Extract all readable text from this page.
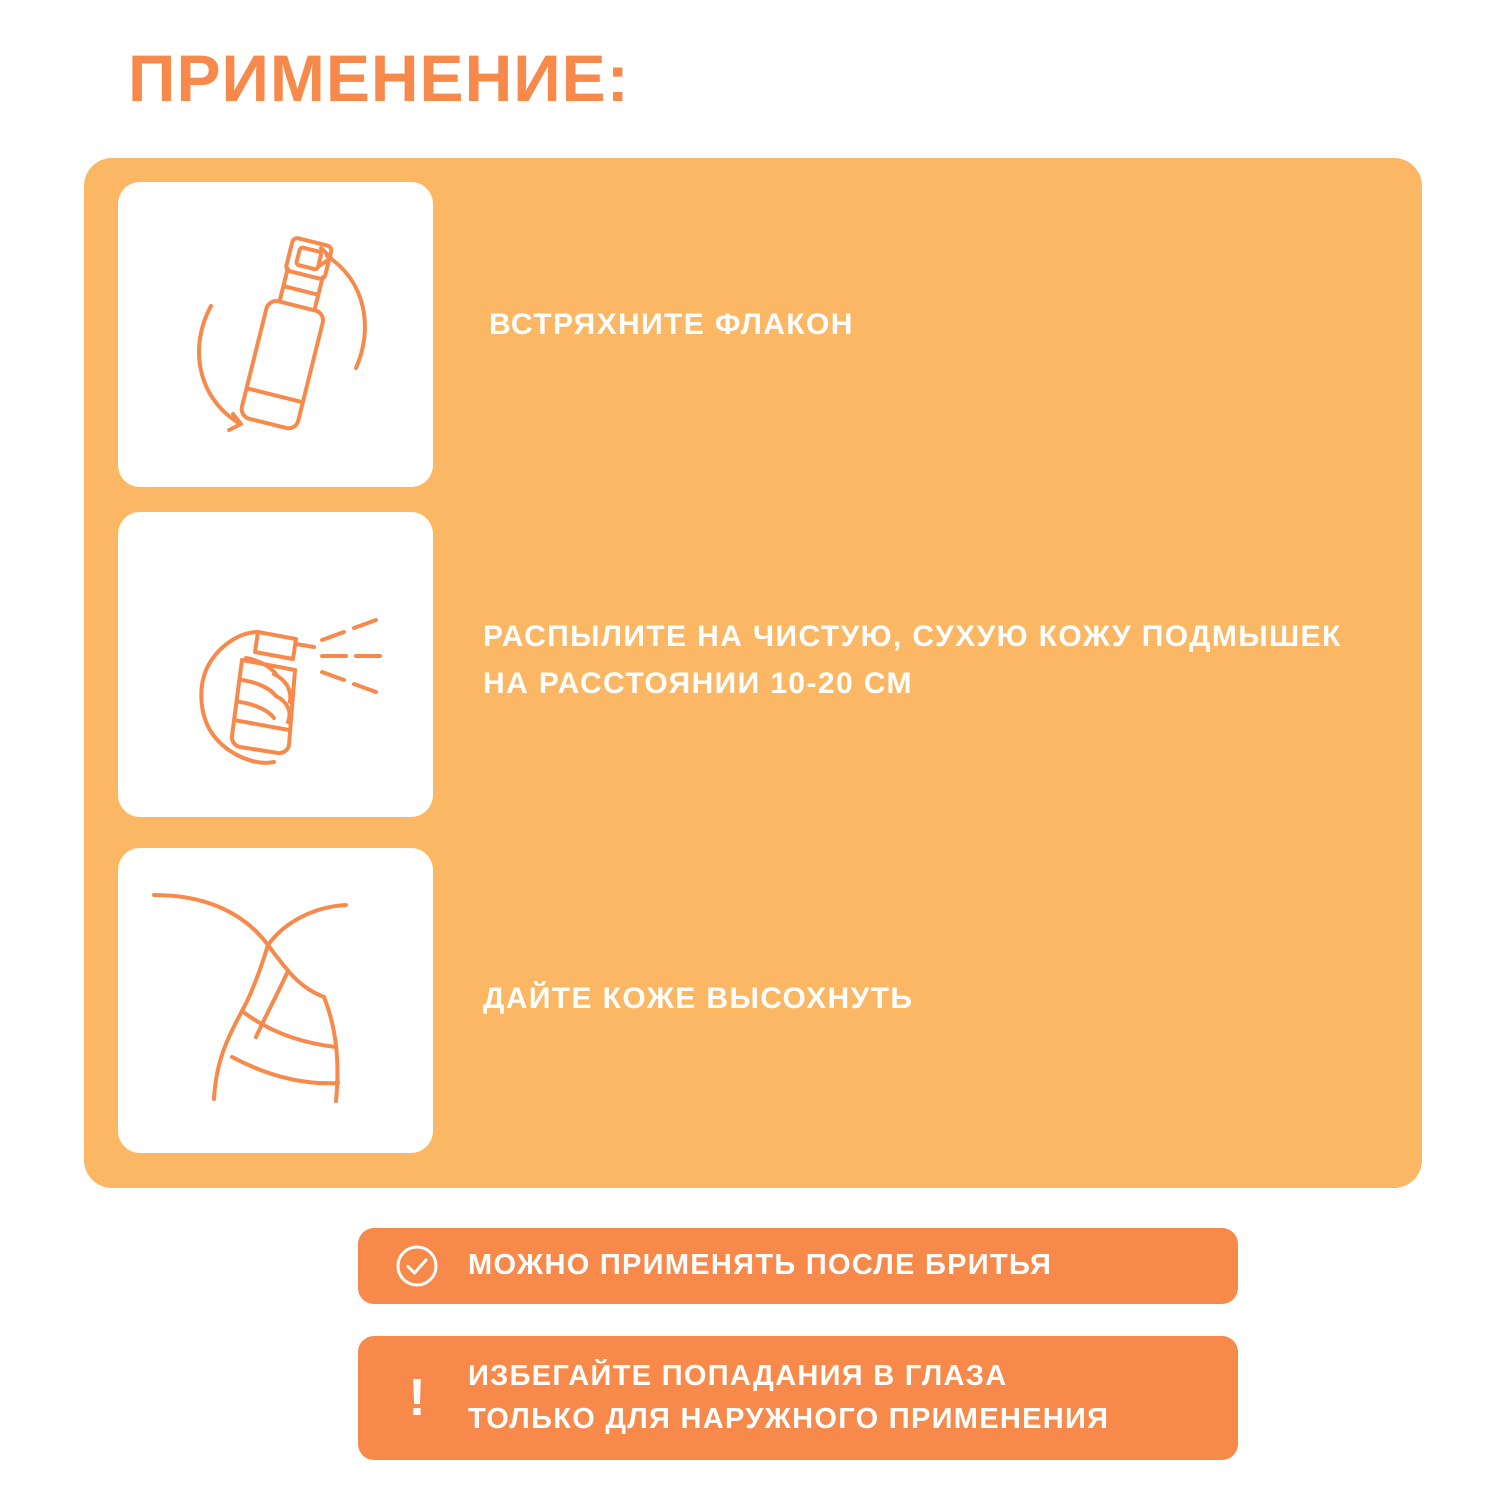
ПРИМЕНЕНИЕ:
ВСТРЯХНИТЕ ФЛАКОН
РАСПЫЛИТЕ НА ЧИСТУЮ, СУХУЮ КОЖУ ПОДМЫШЕК НА РАССТОЯНИИ 10-20 СМ
ДАЙТЕ КОЖЕ ВЫСОХНУТЬ
МОЖНО ПРИМЕНЯТЬ ПОСЛЕ БРИТЬЯ
!	ИЗБЕГАЙТЕ ПОПАДАНИЯ В ГЛАЗА
ТОЛЬКО ДЛЯ НАРУЖНОГО ПРИМЕНЕНИЯ
